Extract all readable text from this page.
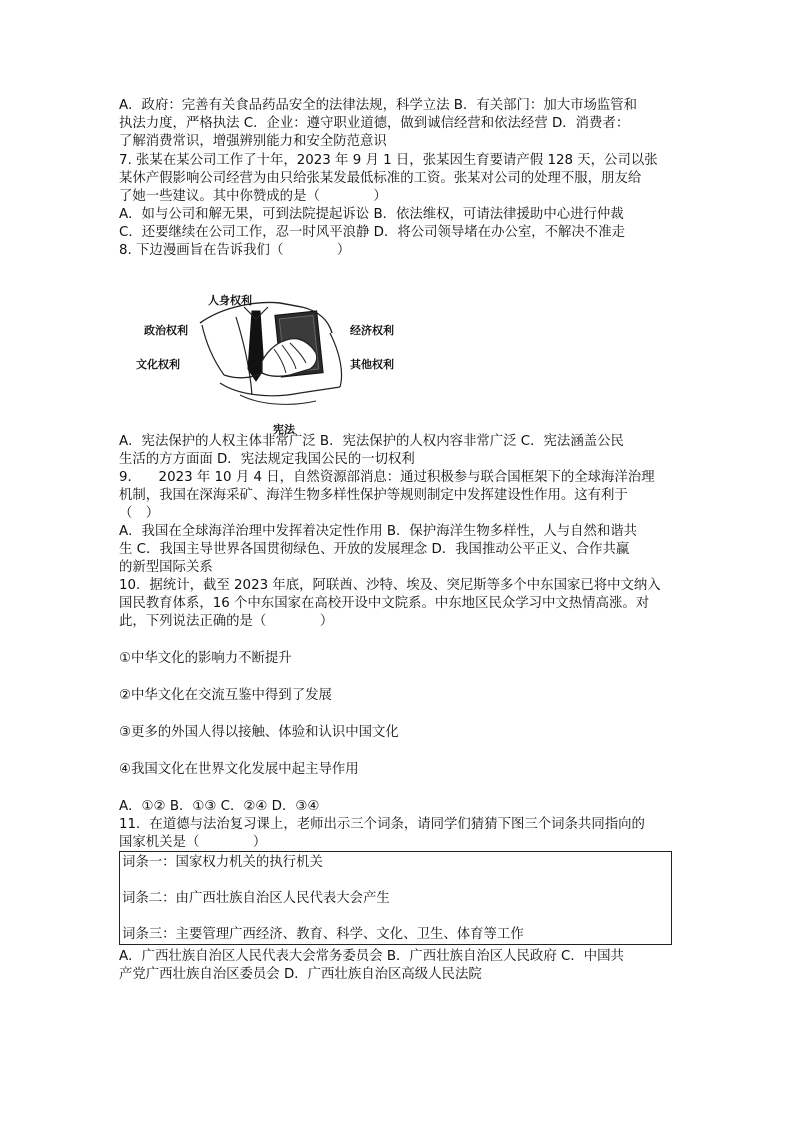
A．政府：完善有关食品药品安全的法律法规，科学立法 B．有关部门：加大市场监管和
执法力度，严格执法 C．企业：遵守职业道德，做到诚信经营和依法经营 D．消费者：
了解消费常识，增强辨别能力和安全防范意识
7. 张某在某公司工作了十年，2023 年 9 月 1 日，张某因生育要请产假 128 天，公司以张
某休产假影响公司经营为由只给张某发最低标准的工资。张某对公司的处理不服，朋友给
了她一些建议。其中你赞成的是（　　　　）
A．如与公司和解无果，可到法院提起诉讼 B．依法维权，可请法律援助中心进行仲裁
C．还要继续在公司工作，忍一时风平浪静 D．将公司领导堵在办公室，不解决不准走
8. 下边漫画旨在告诉我们（　　　　）
宪法
人身权利
政治权利	经济权利
文化权利	其他权利
A．宪法保护的人权主体非常广泛 B．宪法保护的人权内容非常广泛 C．宪法涵盖公民
生活的方方面面 D．宪法规定我国公民的一切权利
9.　　2023 年 10 月 4 日，自然资源部消息：通过积极参与联合国框架下的全球海洋治理
机制，我国在深海采矿、海洋生物多样性保护等规则制定中发挥建设性作用。这有利于
（　）
A．我国在全球海洋治理中发挥着决定性作用 B．保护海洋生物多样性，人与自然和谐共
生 C．我国主导世界各国贯彻绿色、开放的发展理念 D．我国推动公平正义、合作共赢
的新型国际关系
10．据统计，截至 2023 年底，阿联酋、沙特、埃及、突尼斯等多个中东国家已将中文纳入
国民教育体系，16 个中东国家在高校开设中文院系。中东地区民众学习中文热情高涨。对
此，下列说法正确的是（　　　　）
①中华文化的影响力不断提升
②中华文化在交流互鉴中得到了发展
③更多的外国人得以接触、体验和认识中国文化
④我国文化在世界文化发展中起主导作用
A．①② B．①③ C．②④ D．③④
11．在道德与法治复习课上，老师出示三个词条，请同学们猜猜下图三个词条共同指向的
国家机关是（　　　　）
词条一：国家权力机关的执行机关
词条二：由广西壮族自治区人民代表大会产生
词条三：主要管理广西经济、教育、科学、文化、卫生、体育等工作
A．广西壮族自治区人民代表大会常务委员会 B．广西壮族自治区人民政府 C．中国共
产党广西壮族自治区委员会 D．广西壮族自治区高级人民法院
